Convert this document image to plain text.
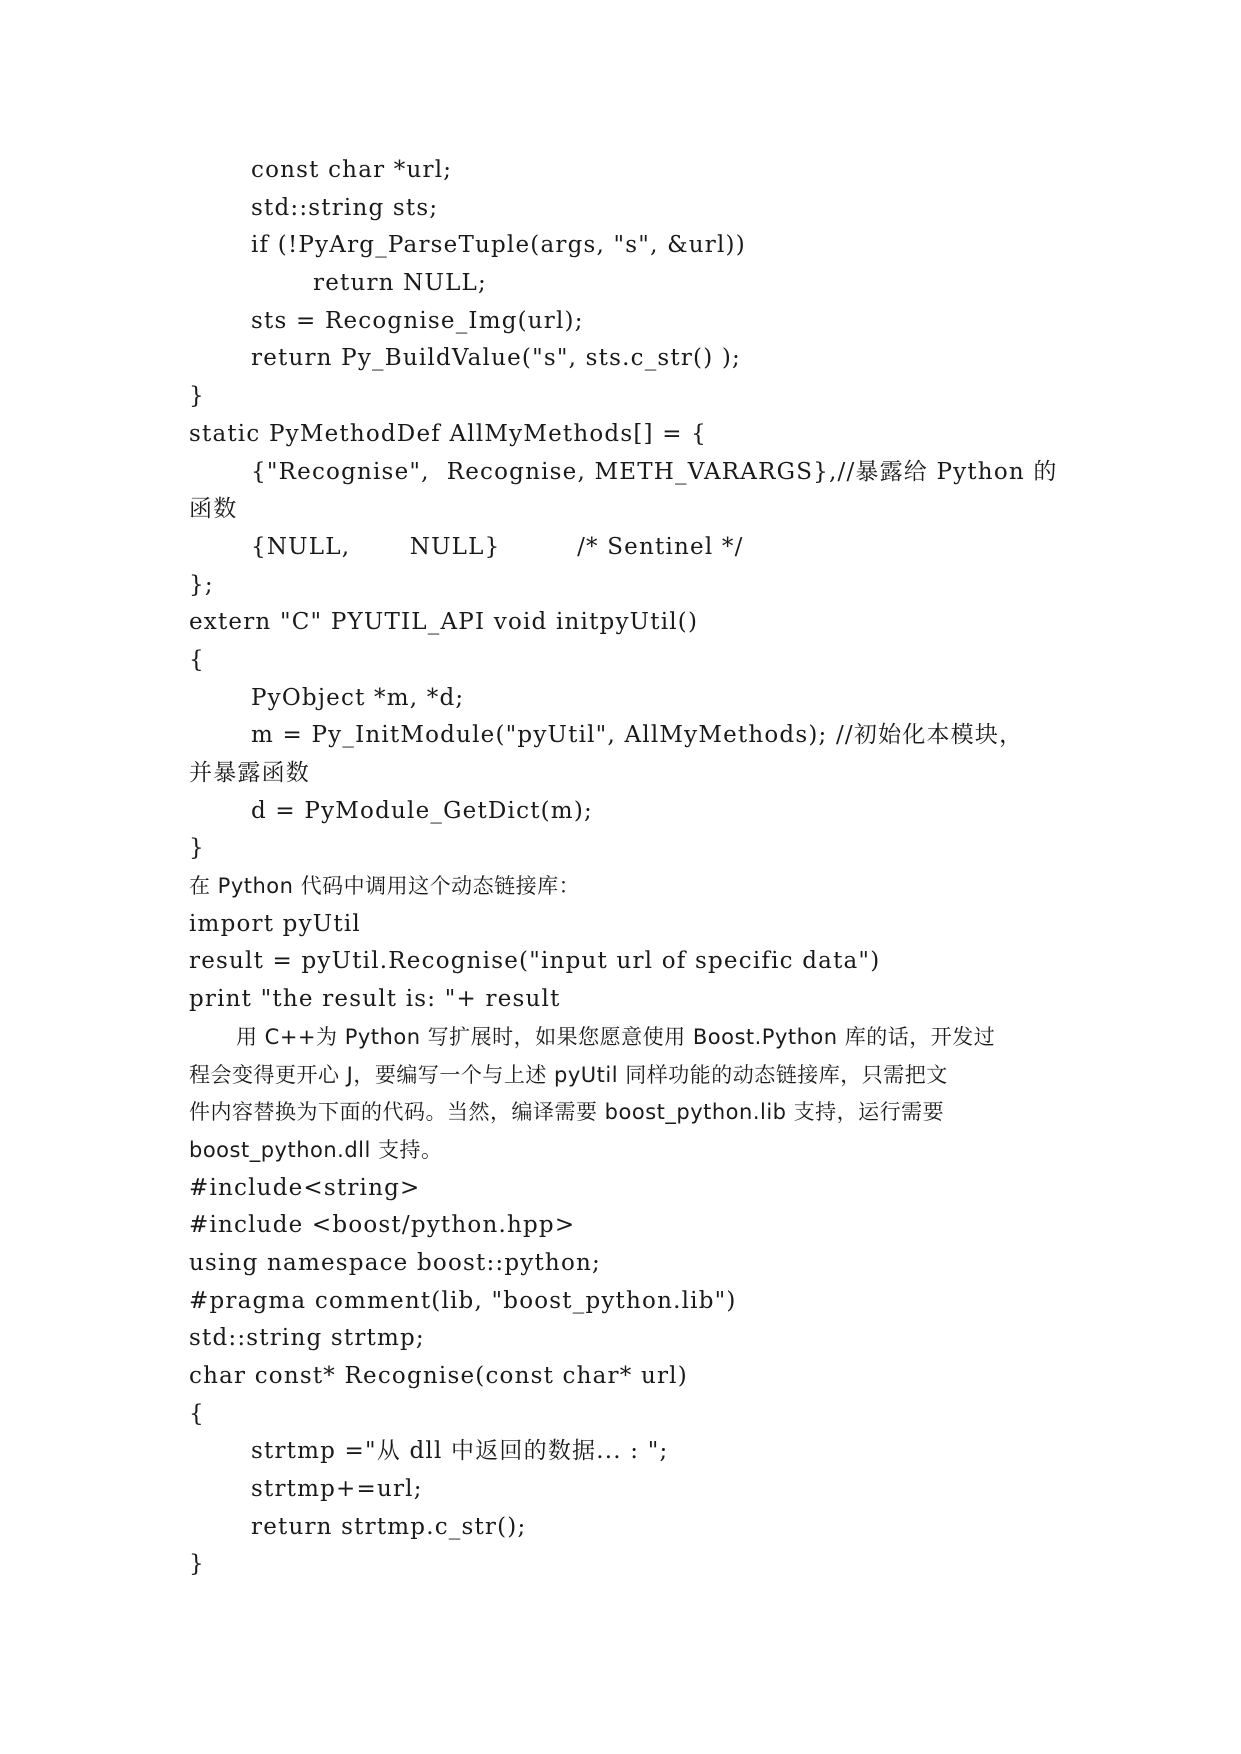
const char *url;
std::string sts;
if (!PyArg_ParseTuple(args, "s", &url))
return NULL;
sts = Recognise_Img(url);
return Py_BuildValue("s", sts.c_str() );
}
static PyMethodDef AllMyMethods[] = {
{"Recognise",  Recognise, METH_VARARGS},//暴露给 Python 的
函数
{NULL,       NULL}         /* Sentinel */
};
extern "C" PYUTIL_API void initpyUtil()
{
PyObject *m, *d;
m = Py_InitModule("pyUtil", AllMyMethods); //初始化本模块，
并暴露函数
d = PyModule_GetDict(m);
}
在 Python 代码中调用这个动态链接库：
import pyUtil
result = pyUtil.Recognise("input url of specific data")
print "the result is: "+ result
用 C++为 Python 写扩展时，如果您愿意使用 Boost.Python 库的话，开发过
程会变得更开心 J，要编写一个与上述 pyUtil 同样功能的动态链接库，只需把文
件内容替换为下面的代码。当然，编译需要 boost_python.lib 支持，运行需要
boost_python.dll 支持。
#include<string>
#include <boost/python.hpp>
using namespace boost::python;
#pragma comment(lib, "boost_python.lib")
std::string strtmp;
char const* Recognise(const char* url)
{
strtmp ="从 dll 中返回的数据... : ";
strtmp+=url;
return strtmp.c_str();
}
